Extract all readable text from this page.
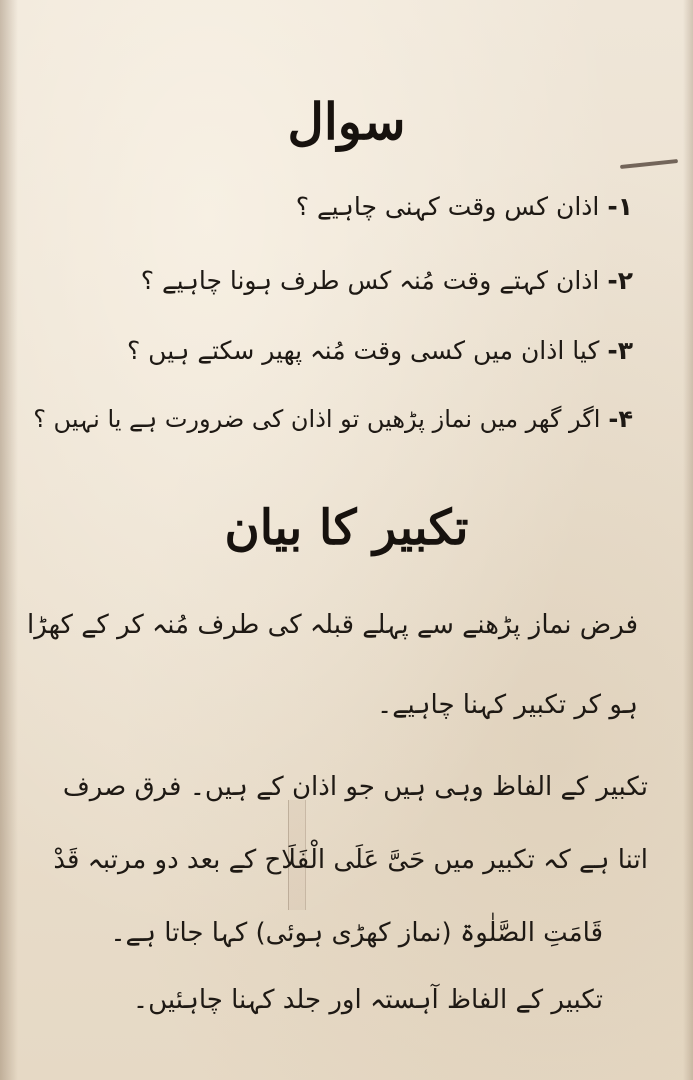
سوال
۱-اذان کس وقت کہنی چاہیے ؟
۲-اذان کہتے وقت مُنہ کس طرف ہونا چاہیے ؟
۳-کیا اذان میں کسی وقت مُنہ پھیر سکتے ہیں ؟
۴-اگر گھر میں نماز پڑھیں تو اذان کی ضرورت ہے یا نہیں ؟
تکبیر کا بیان
فرض نماز پڑھنے سے پہلے قبلہ کی طرف مُنہ کر کے کھڑا
ہو کر تکبیر کہنا چاہیے۔
تکبیر کے الفاظ وہی ہیں جو اذان کے ہیں۔ فرق صرف
اتنا ہے کہ تکبیر میں حَیَّ عَلَی الْفَلَاح کے بعد دو مرتبہ قَدْ
قَامَتِ الصَّلٰوۃ (نماز کھڑی ہوئی) کہا جاتا ہے۔
تکبیر کے الفاظ آہستہ اور جلد کہنا چاہئیں۔
